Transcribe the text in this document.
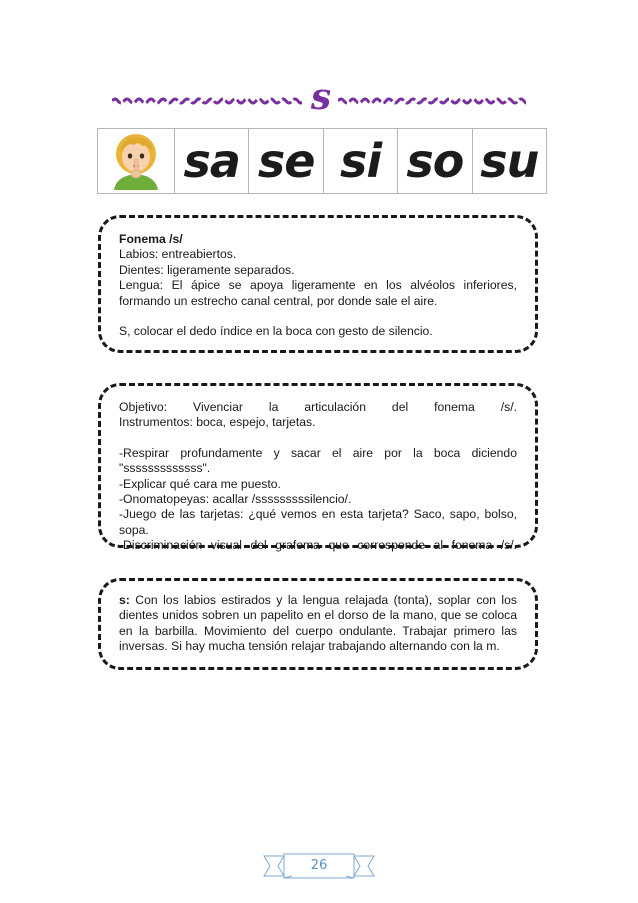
s
sa se si so su
Fonema /s/
Labios: entreabiertos.
Dientes: ligeramente separados.
Lengua: El ápice se apoya ligeramente en los alvéolos inferiores, formando un estrecho canal central, por donde sale el aire.
S, colocar el dedo índice en la boca con gesto de silencio.
Objetivo: Vivenciar la articulación del fonema /s/.
Instrumentos: boca, espejo, tarjetas.
-Respirar profundamente y sacar el aire por la boca diciendo "sssssssssssss".
-Explicar qué cara me puesto.
-Onomatopeyas: acallar /sssssssssilencio/.
-Juego de las tarjetas: ¿qué vemos en esta tarjeta? Saco, sapo, bolso, sopa.
-Discriminación visual del grafema que corresponde al fonema /s/.
s: Con los labios estirados y la lengua relajada (tonta), soplar con los dientes unidos sobren un papelito en el dorso de la mano, que se coloca en la barbilla. Movimiento del cuerpo ondulante. Trabajar primero las inversas. Si hay mucha tensión relajar trabajando alternando con la m.
26
